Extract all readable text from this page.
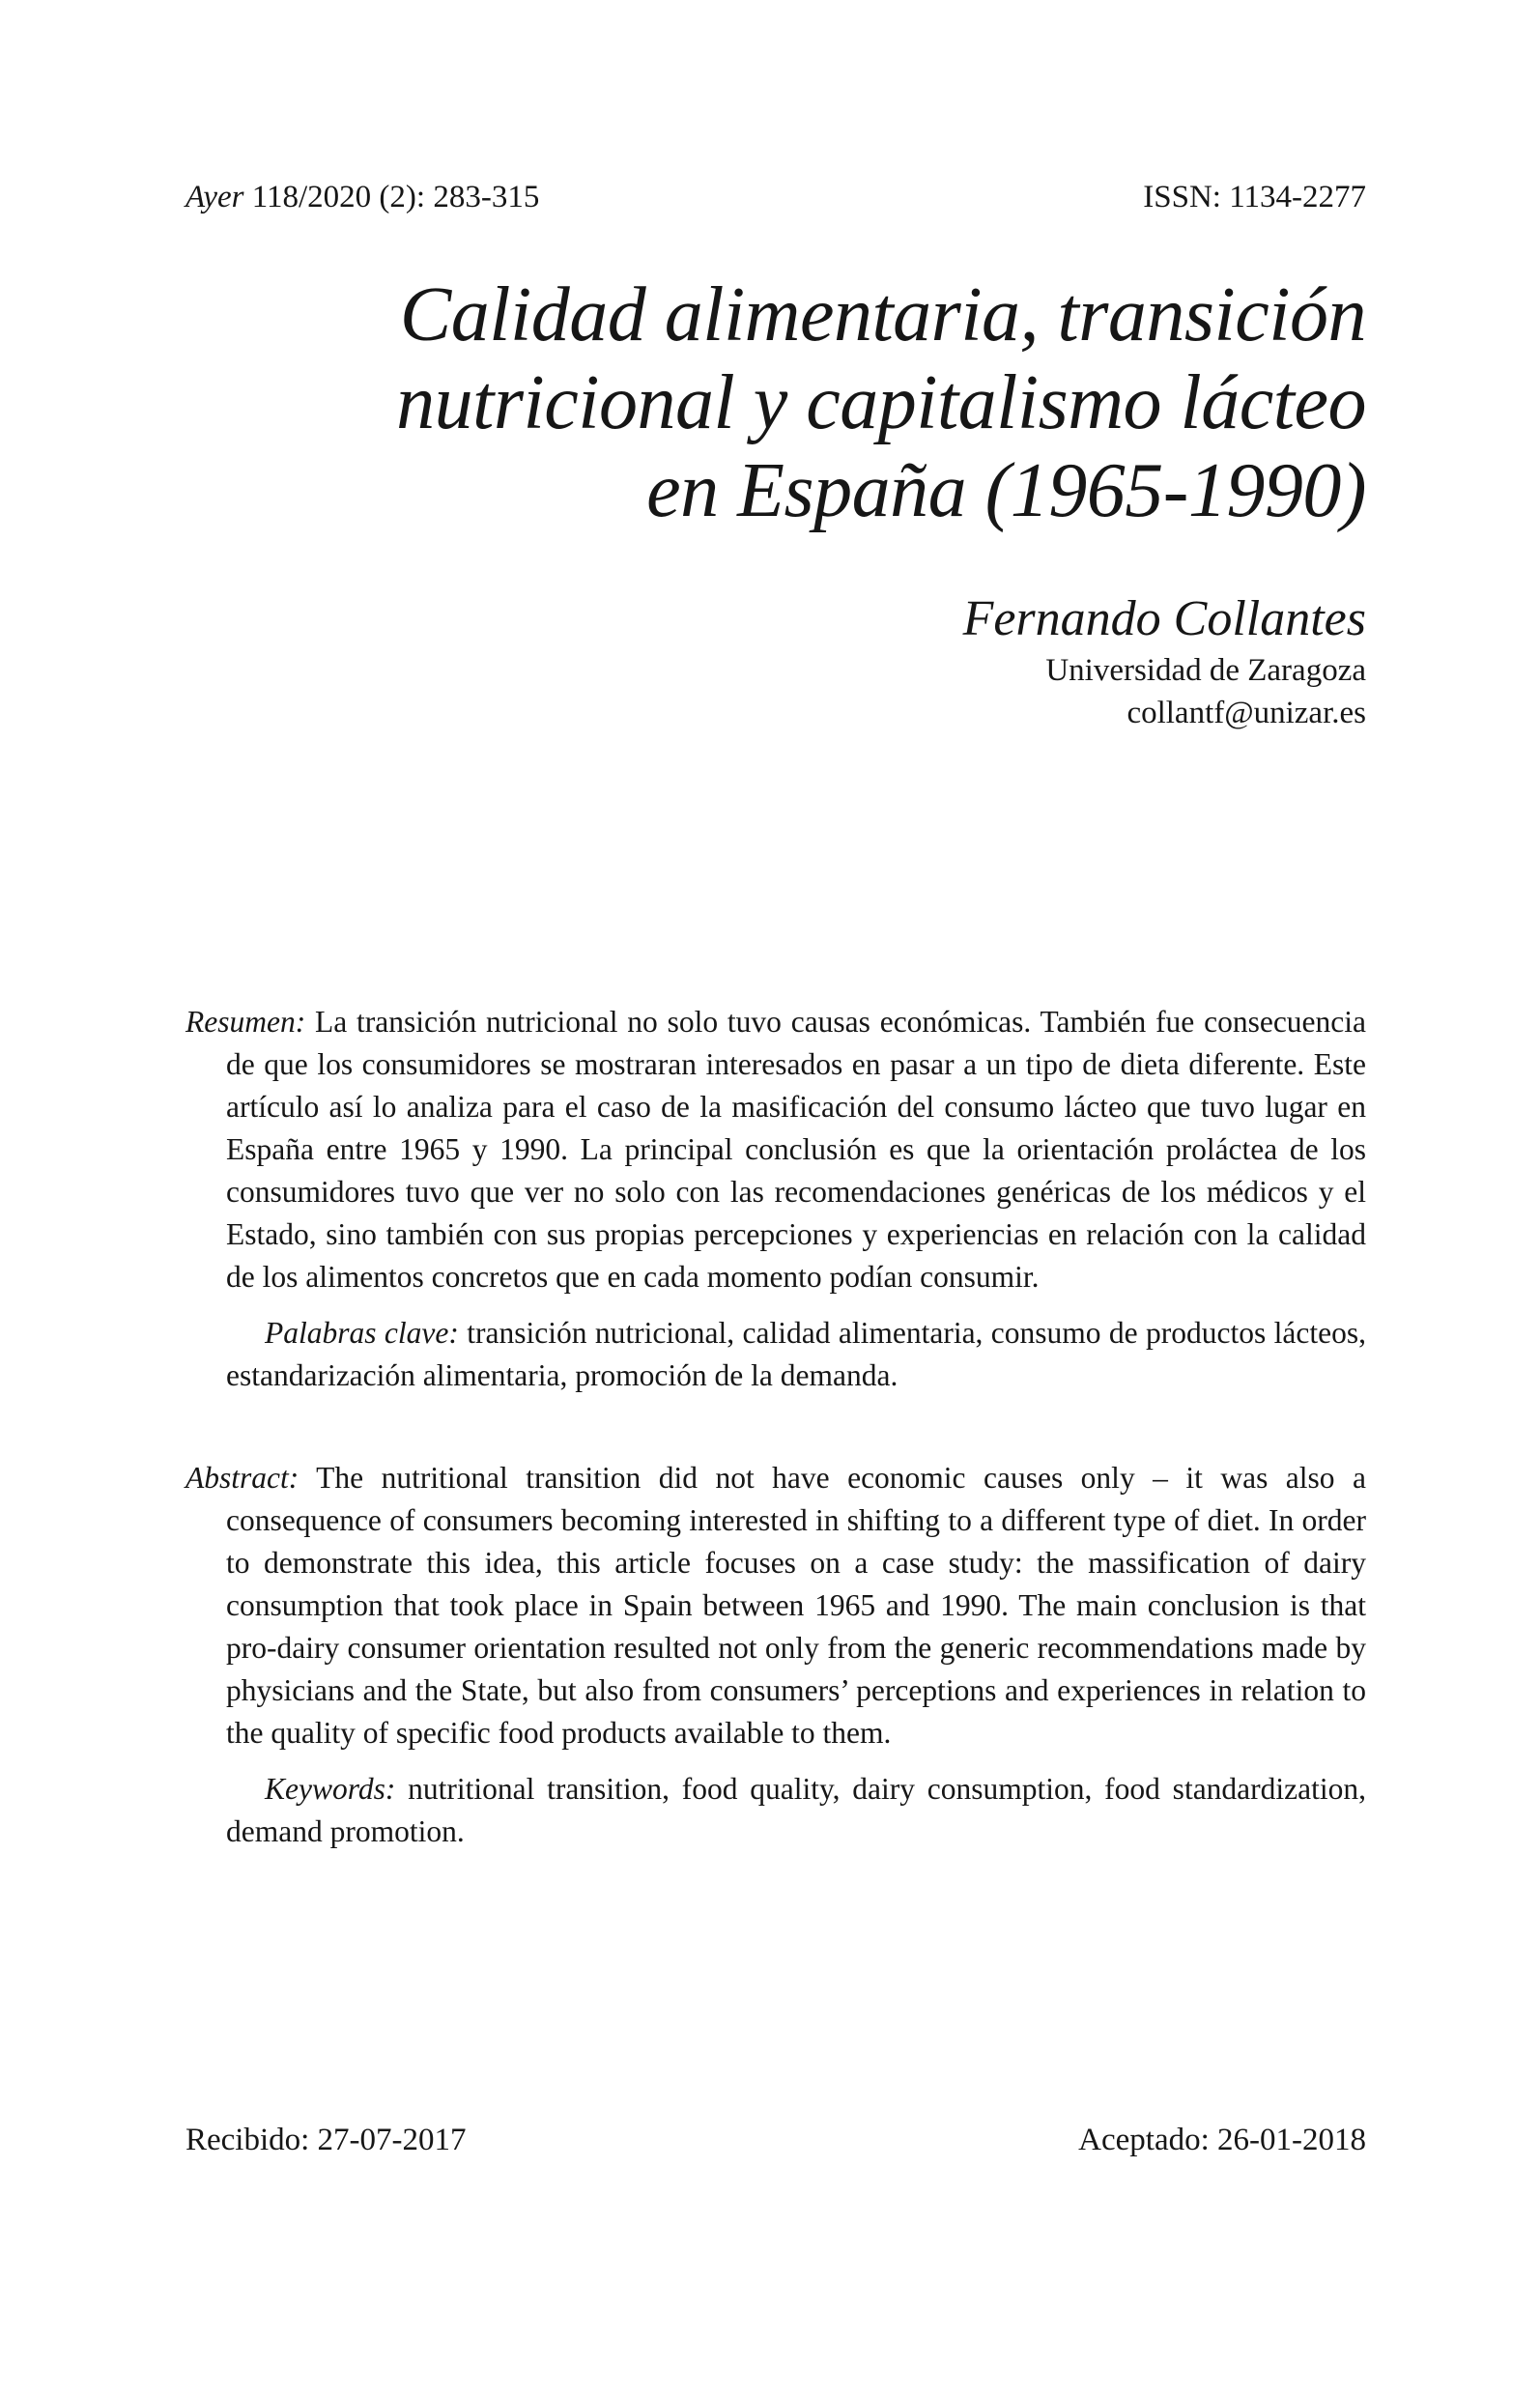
Ayer 118/2020 (2): 283-315	ISSN: 1134-2277
Calidad alimentaria, transición
nutricional y capitalismo lácteo
en España (1965-1990)
Fernando Collantes
Universidad de Zaragoza
collantf@unizar.es

Resumen: La transición nutricional no solo tuvo causas económicas. También fue consecuencia de que los consumidores se mostraran interesados en pasar a un tipo de dieta diferente. Este artículo así lo analiza para el caso de la masificación del consumo lácteo que tuvo lugar en España entre 1965 y 1990. La principal conclusión es que la orientación proláctea de los consumidores tuvo que ver no solo con las recomendaciones genéricas de los médicos y el Estado, sino también con sus propias percepciones y experiencias en relación con la calidad de los alimentos concretos que en cada momento podían consumir.

Palabras clave: transición nutricional, calidad alimentaria, consumo de productos lácteos, estandarización alimentaria, promoción de la demanda.

Abstract: The nutritional transition did not have economic causes only – it was also a consequence of consumers becoming interested in shifting to a different type of diet. In order to demonstrate this idea, this article focuses on a case study: the massification of dairy consumption that took place in Spain between 1965 and 1990. The main conclusion is that pro-dairy consumer orientation resulted not only from the generic recommendations made by physicians and the State, but also from consumers’ perceptions and experiences in relation to the quality of specific food products available to them.

Keywords: nutritional transition, food quality, dairy consumption, food standardization, demand promotion.

Recibido: 27-07-2017	Aceptado: 26-01-2018
